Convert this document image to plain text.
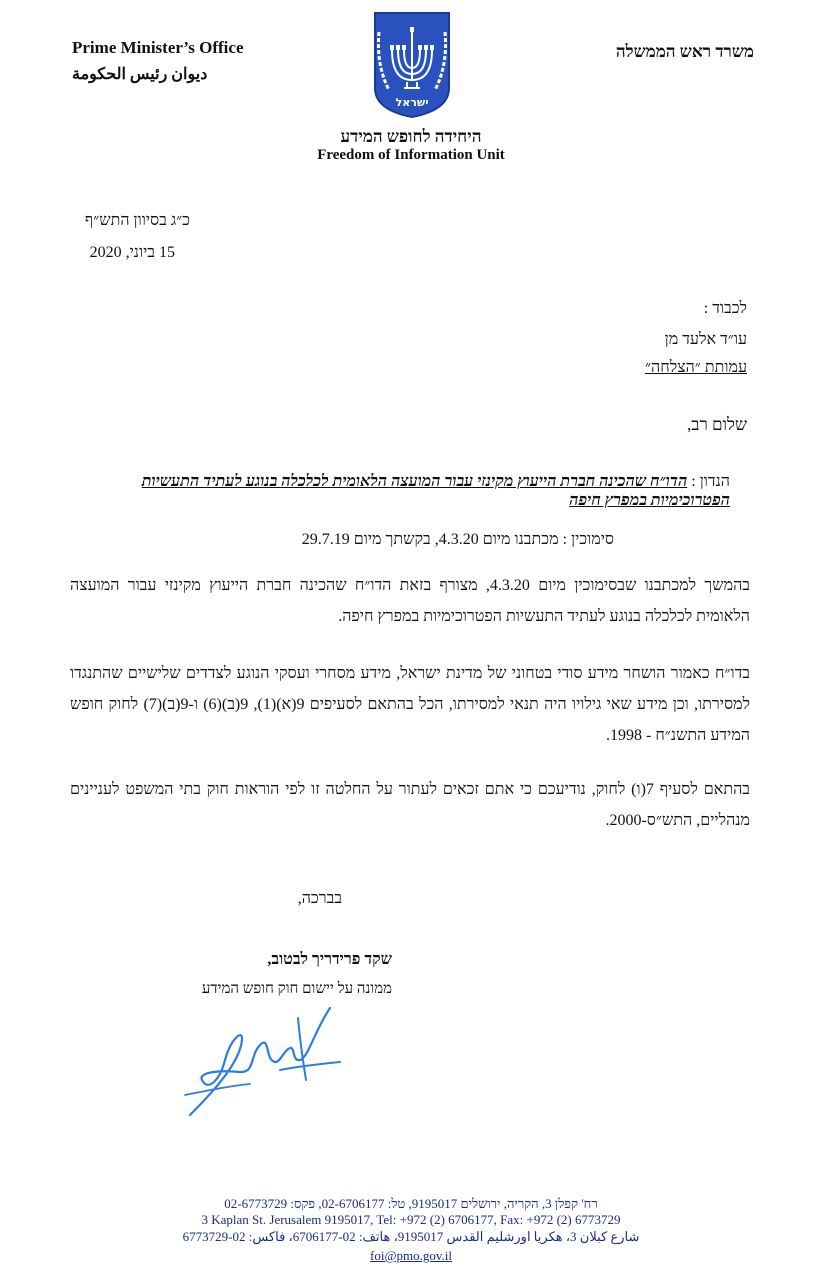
Prime Minister’s Office
ديوان رئيس الحكومة
משרד ראש הממשלה
ישראל
היחידה לחופש המידע
Freedom of Information Unit
כ״ג בסיוון התש״ף
15 ביוני, 2020
לכבוד :
עו״ד אלעד מן
עמותת ״הצלחה״
שלום רב,
הנדון : הדו״ח שהכינה חברת הייעוץ מקינזי עבור המועצה הלאומית לכלכלה בנוגע לעתיד התעשיות הפטרוכימיות במפרץ חיפה
סימוכין : מכתבנו מיום 4.3.20, בקשתך מיום 29.7.19
בהמשך למכתבנו שבסימוכין מיום 4.3.20, מצורף בזאת הדו״ח שהכינה חברת הייעוץ מקינזי עבור המועצה הלאומית לכלכלה בנוגע לעתיד התעשיות הפטרוכימיות במפרץ חיפה.
בדו״ח כאמור הושחר מידע סודי בטחוני של מדינת ישראל, מידע מסחרי ועסקי הנוגע לצדדים שלישיים שהתנגדו למסירתו, וכן מידע שאי גילויו היה תנאי למסירתו, הכל בהתאם לסעיפים 9(א)(1), 9(ב)(6) ו-9(ב)(7) לחוק חופש המידע התשנ״ח - 1998.
בהתאם לסעיף 7(ו) לחוק, נודיעכם כי אתם זכאים לעתור על החלטה זו לפי הוראות חוק בתי המשפט לעניינים מנהליים, התש״ס-2000.
בברכה,
שקד פרידריך לבטוב,
ממונה על יישום חוק חופש המידע
רח' קפלן 3, הקריה, ירושלים 9195017, טל: 02-6706177, פקס: 02-6773729
3 Kaplan St. Jerusalem 9195017, Tel: +972 (2) 6706177, Fax: +972 (2) 6773729
شارع كبلان 3، هكريا اورشليم القدس 9195017، هاتف: 02-6706177، فاكس: 02-6773729
foi@pmo.gov.il
